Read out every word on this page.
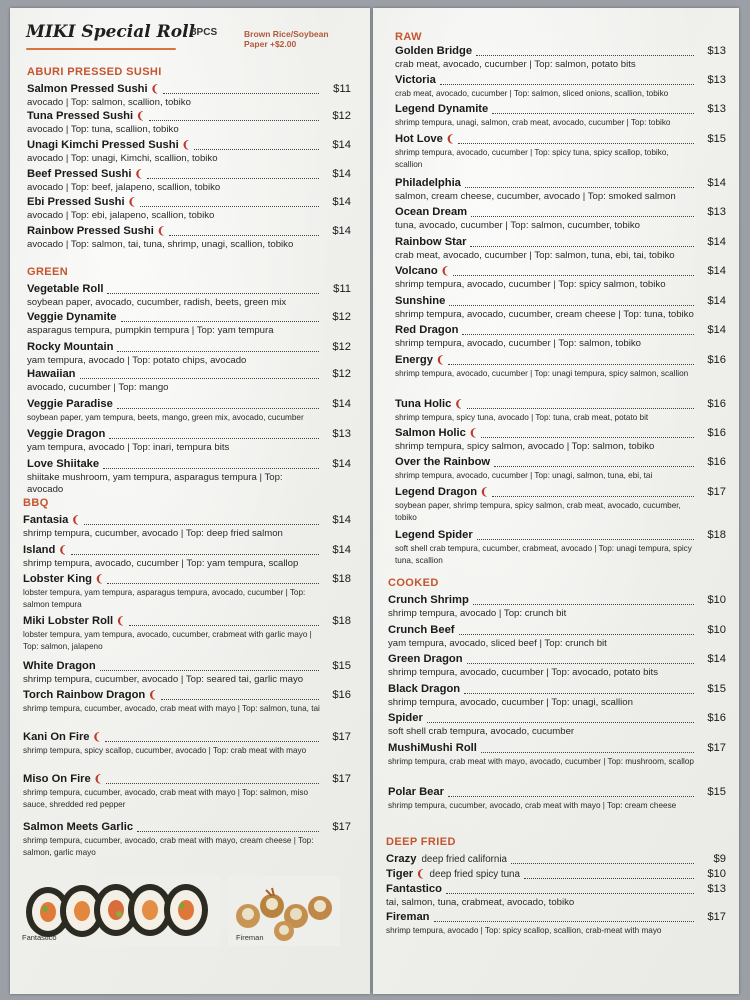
MIKI Special Roll
8PCS	Brown Rice/Soybean Paper +$2.00
ABURI PRESSED SUSHI
Salmon Pressed Sushi ❨	$11
avocado | Top: salmon, scallion, tobiko
Tuna Pressed Sushi ❨	$12
avocado | Top: tuna, scallion, tobiko
Unagi Kimchi Pressed Sushi ❨	$14
avocado | Top: unagi, Kimchi, scallion, tobiko
Beef Pressed Sushi ❨	$14
avocado | Top: beef, jalapeno, scallion, tobiko
Ebi Pressed Sushi ❨	$14
avocado | Top: ebi, jalapeno, scallion, tobiko
Rainbow Pressed Sushi ❨	$14
avocado | Top: salmon, tai, tuna, shrimp, unagi, scallion, tobiko
GREEN
Vegetable Roll	$11
soybean paper, avocado, cucumber, radish, beets, green mix
Veggie Dynamite	$12
asparagus tempura, pumpkin tempura | Top: yam tempura
Rocky Mountain	$12
yam tempura, avocado | Top: potato chips, avocado
Hawaiian	$12
avocado, cucumber | Top: mango
Veggie Paradise	$14
soybean paper, yam tempura, beets, mango, green mix, avocado, cucumber
Veggie Dragon	$13
yam tempura, avocado | Top: inari, tempura bits
Love Shiitake	$14
shiitake mushroom, yam tempura, asparagus tempura | Top: avocado
BBQ
Fantasia ❨	$14
shrimp tempura, cucumber, avocado | Top: deep fried salmon
Island ❨	$14
shrimp tempura, avocado, cucumber | Top: yam tempura, scallop
Lobster King ❨	$18
lobster tempura, yam tempura, asparagus tempura, avocado, cucumber | Top: salmon tempura
Miki Lobster Roll ❨	$18
lobster tempura, yam tempura, avocado, cucumber, crabmeat with garlic mayo | Top: salmon, jalapeno
White Dragon	$15
shrimp tempura, cucumber, avocado | Top: seared tai, garlic mayo
Torch Rainbow Dragon ❨	$16
shrimp tempura, cucumber, avocado, crab meat with mayo | Top: salmon, tuna, tai
Kani On Fire ❨	$17
shrimp tempura, spicy scallop, cucumber, avocado | Top: crab meat with mayo
Miso On Fire ❨	$17
shrimp tempura, cucumber, avocado, crab meat with mayo | Top: salmon, miso sauce, shredded red pepper
Salmon Meets Garlic	$17
shrimp tempura, cucumber, avocado, crab meat with mayo, cream cheese | Top: salmon, garlic mayo
RAW
Golden Bridge	$13
crab meat, avocado, cucumber | Top: salmon, potato bits
Victoria	$13
crab meat, avocado, cucumber | Top: salmon, sliced onions, scallion, tobiko
Legend Dynamite	$13
shrimp tempura, unagi, salmon, crab meat, avocado, cucumber | Top: tobiko
Hot Love ❨	$15
shrimp tempura, avocado, cucumber | Top: spicy tuna, spicy scallop, tobiko, scallion
Philadelphia	$14
salmon, cream cheese, cucumber, avocado | Top: smoked salmon
Ocean Dream	$13
tuna, avocado, cucumber | Top: salmon, cucumber, tobiko
Rainbow Star	$14
crab meat, avocado, cucumber | Top: salmon, tuna, ebi, tai, tobiko
Volcano ❨	$14
shrimp tempura, avocado, cucumber | Top: spicy salmon, tobiko
Sunshine	$14
shrimp tempura, avocado, cucumber, cream cheese | Top: tuna, tobiko
Red Dragon	$14
shrimp tempura, avocado, cucumber | Top: salmon, tobiko
Energy ❨	$16
shrimp tempura, avocado, cucumber | Top: unagi tempura, spicy salmon, scallion
Tuna Holic ❨	$16
shrimp tempura, spicy tuna, avocado | Top: tuna, crab meat, potato bit
Salmon Holic ❨	$16
shrimp tempura, spicy salmon, avocado | Top: salmon, tobiko
Over the Rainbow	$16
shrimp tempura, avocado, cucumber | Top: unagi, salmon, tuna, ebi, tai
Legend Dragon ❨	$17
soybean paper, shrimp tempura, spicy salmon, crab meat, avocado, cucumber, tobiko
Legend Spider	$18
soft shell crab tempura, cucumber, crabmeat, avocado | Top: unagi tempura, spicy tuna, scallion
COOKED
Crunch Shrimp	$10
shrimp tempura, avocado | Top: crunch bit
Crunch Beef	$10
yam tempura, avocado, sliced beef | Top: crunch bit
Green Dragon	$14
shrimp tempura, avocado, cucumber | Top: avocado, potato bits
Black Dragon	$15
shrimp tempura, avocado, cucumber | Top: unagi, scallion
Spider	$16
soft shell crab tempura, avocado, cucumber
MushiMushi Roll	$17
shrimp tempura, crab meat with mayo, avocado, cucumber | Top: mushroom, scallop
Polar Bear	$15
shrimp tempura, cucumber, avocado, crab meat with mayo | Top: cream cheese
DEEP FRIED
Crazy deep fried california	$9
Tiger ❨ deep fried spicy tuna	$10
Fantastico	$13
tai, salmon, tuna, crabmeat, avocado, tobiko
Fireman	$17
shrimp tempura, avocado | Top: spicy scallop, scallion, crab-meat with mayo
Fantastico	Fireman
